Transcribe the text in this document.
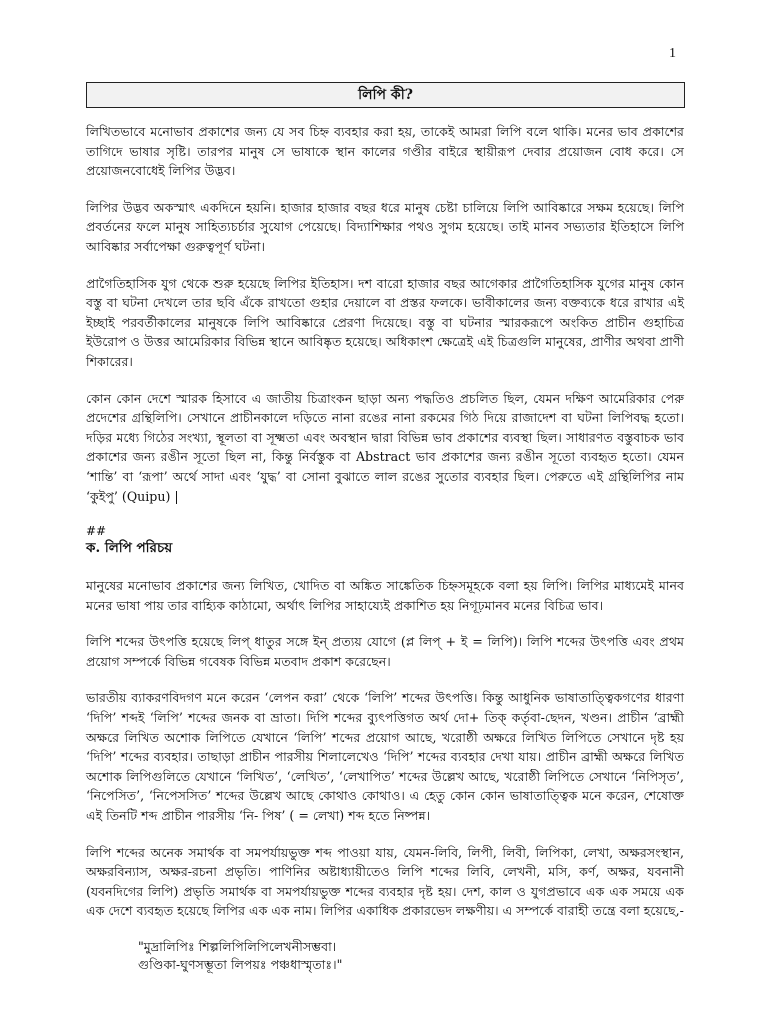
1
লিপি কী?

লিখিতভাবে মনোভাব প্রকাশের জন্য যে সব চিহ্ন ব্যবহার করা হয়, তাকেই আমরা লিপি বলে থাকি। মনের ভাব প্রকাশের তাগিদে ভাষার সৃষ্টি। তারপর মানুষ সে ভাষাকে স্থান কালের গণ্ডীর বাইরে স্থায়ীরূপ দেবার প্রয়োজন বোধ করে। সে প্রয়োজনবোধেই লিপির উদ্ভব।

লিপির উদ্ভব অকস্মাৎ একদিনে হয়নি। হাজার হাজার বছর ধরে মানুষ চেষ্টা চালিয়ে লিপি আবিষ্কারে সক্ষম হয়েছে। লিপি প্রবর্তনের ফলে মানুষ সাহিত্যচর্চার সুযোগ পেয়েছে। বিদ্যাশিক্ষার পথও সুগম হয়েছে। তাই মানব সভ্যতার ইতিহাসে লিপি আবিষ্কার সর্বাপেক্ষা গুরুত্বপূর্ণ ঘটনা।

প্রাগৈতিহাসিক যুগ থেকে শুরু হয়েছে লিপির ইতিহাস। দশ বারো হাজার বছর আগেকার প্রাগৈতিহাসিক যুগের মানুষ কোন বস্তু বা ঘটনা দেখলে তার ছবি এঁকে রাখতো গুহার দেয়ালে বা প্রস্তর ফলকে। ভাবীকালের জন্য বক্তব্যকে ধরে রাখার এই ইচ্ছাই পরবর্তীকালের মানুষকে লিপি আবিষ্কারে প্রেরণা দিয়েছে। বস্তু বা ঘটনার স্মারকরূপে অংকিত প্রাচীন গুহাচিত্র ইউরোপ ও উত্তর আমেরিকার বিভিন্ন স্থানে আবিষ্কৃত হয়েছে। অধিকাংশ ক্ষেত্রেই এই চিত্রগুলি মানুষের, প্রাণীর অথবা প্রাণী শিকারের।

কোন কোন দেশে স্মারক হিসাবে এ জাতীয় চিত্রাংকন ছাড়া অন্য পদ্ধতিও প্রচলিত ছিল, যেমন দক্ষিণ আমেরিকার পেরু প্রদেশের গ্রন্থিলিপি। সেখানে প্রাচীনকালে দড়িতে নানা রঙের নানা রকমের গিঠ দিয়ে রাজাদেশ বা ঘটনা লিপিবদ্ধ হতো। দড়ির মধ্যে গিঠের সংখ্যা, স্থূলতা বা সূক্ষ্মতা এবং অবস্থান দ্বারা বিভিন্ন ভাব প্রকাশের ব্যবস্থা ছিল। সাধারণত বস্তুবাচক ভাব প্রকাশের জন্য রঙীন সূতো ছিল না, কিন্তু নির্বস্তুক বা Abstract ভাব প্রকাশের জন্য রঙীন সূতো ব্যবহৃত হতো। যেমন ‘শান্তি’ বা ‘রূপা’ অর্থে সাদা এবং ‘যুদ্ধ’ বা সোনা বুঝাতে লাল রঙের সুতোর ব্যবহার ছিল। পেরুতে এই গ্রন্থিলিপির নাম ‘কুইপু’ (Quipu) |

##
ক. লিপি পরিচয়

মানুষের মনোভাব প্রকাশের জন্য লিখিত, খোদিত বা অঙ্কিত সাঙ্কেতিক চিহ্নসমূহকে বলা হয় লিপি। লিপির মাধ্যমেই মানব মনের ভাষা পায় তার বাহ্যিক কাঠামো, অর্থাৎ লিপির সাহায্যেই প্রকাশিত হয় নিগূঢ়মানব মনের বিচিত্র ভাব।

লিপি শব্দের উৎপত্তি হয়েছে লিপ্‌ ধাতুর সঙ্গে ইন্‌ প্রত্যয় যোগে (প্ল লিপ্‌ + ই = লিপি)। লিপি শব্দের উৎপত্তি এবং প্রথম প্রয়োগ সম্পর্কে বিভিন্ন গবেষক বিভিন্ন মতবাদ প্রকাশ করেছেন।

ভারতীয় ব্যাকরণবিদগণ মনে করেন ‘লেপন করা’ থেকে ‘লিপি’ শব্দের উৎপত্তি। কিন্তু আধুনিক ভাষাতাত্ত্বিকগণের ধারণা ‘দিপি’ শব্দই ‘লিপি’ শব্দের জনক বা ভ্রাতা। দিপি শব্দের ব্যুৎপত্তিগত অর্থ দো+ তিক্‌ কর্তৃবা-ছেদন, খণ্ডন। প্রাচীন ‘ব্রাহ্মী অক্ষরে লিখিত অশোক লিপিতে যেখানে ‘লিপি’ শব্দের প্রয়োগ আছে, খরোষ্ঠী অক্ষরে লিখিত লিপিতে সেখানে দৃষ্ট হয় ‘দিপি’ শব্দের ব্যবহার। তাছাড়া প্রাচীন পারসীয় শিলালেখেও ‘দিপি’ শব্দের ব্যবহার দেখা যায়। প্রাচীন ব্রাহ্মী অক্ষরে লিখিত অশোক লিপিগুলিতে যেখানে ‘লিখিত’, ‘লেখিত’, ‘লেখাপিত’ শব্দের উল্লেখ আছে, খরোষ্ঠী লিপিতে সেখানে ‘নিপিসৃত’, ‘নিপেসিত’, ‘নিপেসসিত’ শব্দের উল্লেখ আছে কোথাও কোথাও। এ হেতু কোন কোন ভাষাতাত্ত্বিক মনে করেন, শেষোক্ত এই তিনটি শব্দ প্রাচীন পারসীয় ‘নি- পিষ’ ( = লেখা) শব্দ হতে নিষ্পন্ন।

লিপি শব্দের অনেক সমার্থক বা সমপর্যায়ভুক্ত শব্দ পাওয়া যায়, যেমন-লিবি, লিপী, লিবী, লিপিকা, লেখা, অক্ষরসংস্থান, অক্ষরবিন্যাস, অক্ষর-রচনা প্রভৃতি। পাণিনির অষ্টাধ্যায়ীতেও লিপি শব্দের লিবি, লেখনী, মসি, কর্ণ, অক্ষর, যবনানী (যবনদিগের লিপি) প্রভৃতি সমার্থক বা সমপর্যায়ভুক্ত শব্দের ব্যবহার দৃষ্ট হয়। দেশ, কাল ও যুগপ্রভাবে এক এক সময়ে এক এক দেশে ব্যবহৃত হয়েছে লিপির এক এক নাম। লিপির একাধিক প্রকারভেদ লক্ষণীয়। এ সম্পর্কে বারাহী তন্ত্রে বলা হয়েছে,-

"মুদ্রালিপিঃ শিল্পলিপিলিপিলেখনীসম্ভবা।
গুণ্ডিকা-ঘুণসম্ভূতা লিপয়ঃ পঞ্চধাস্মৃতাঃ।"
